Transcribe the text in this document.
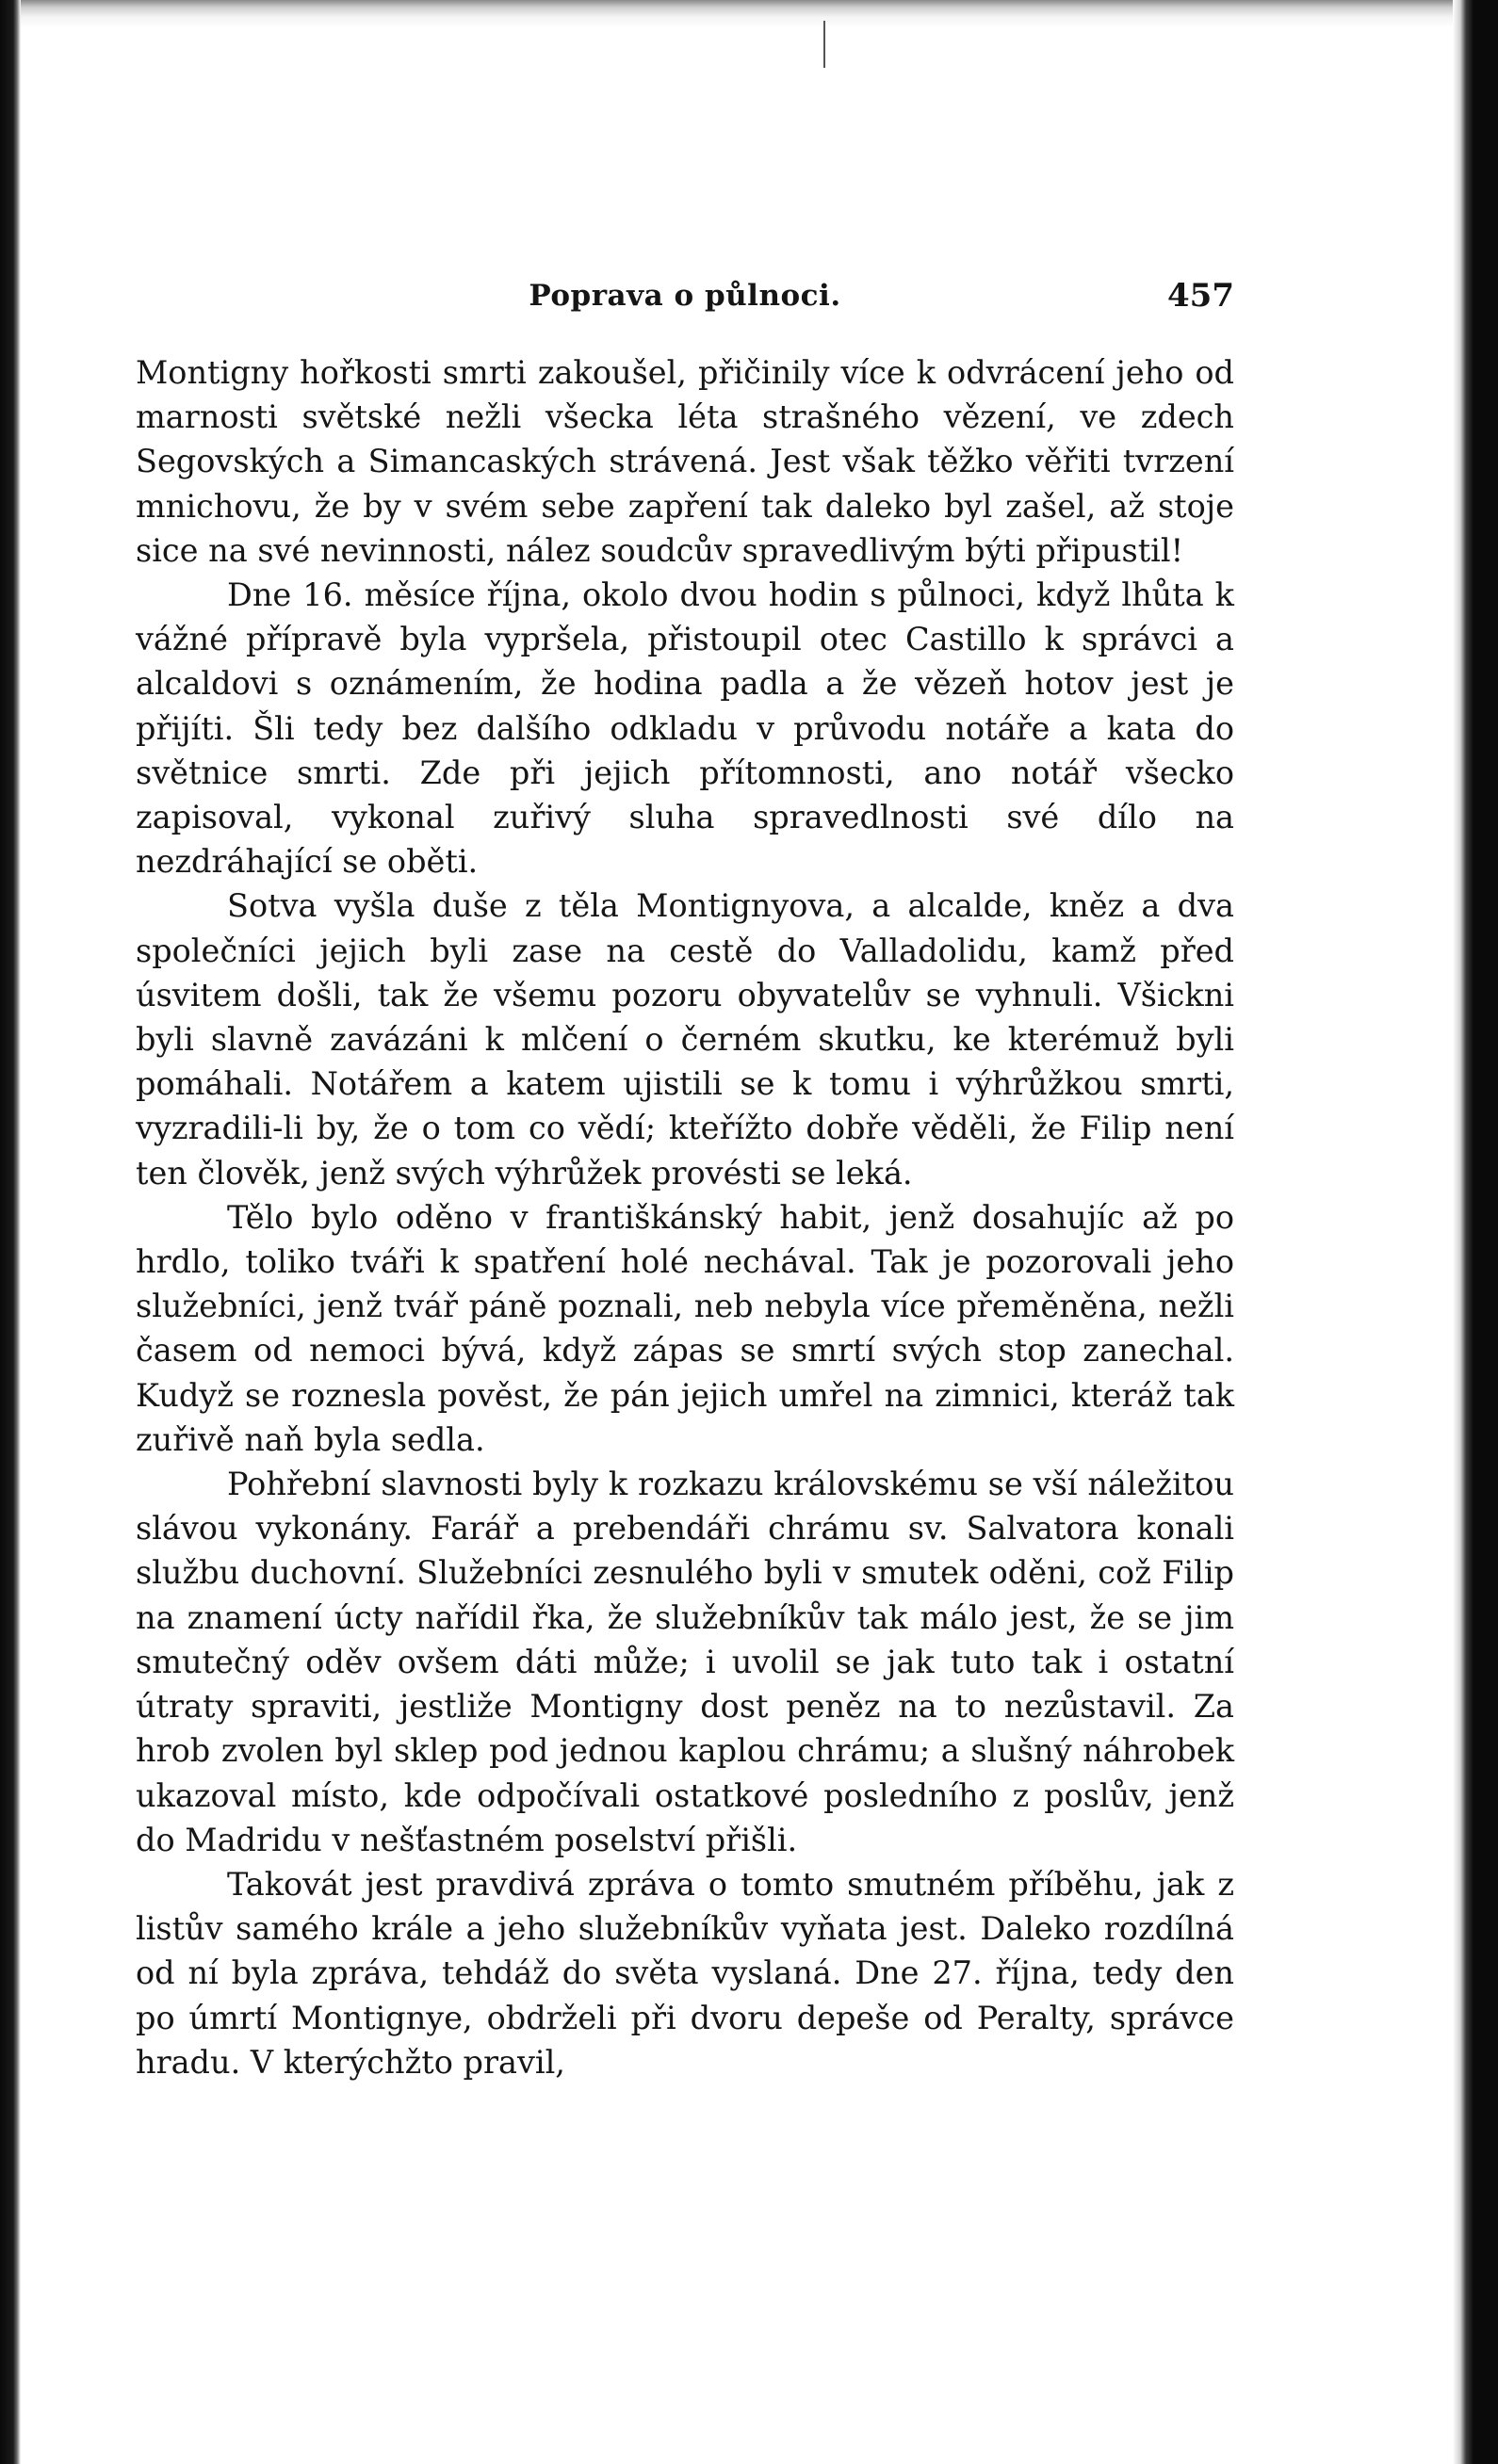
Poprava o půlnoci.	457

Montigny hořkosti smrti zakoušel, přičinily více k odvrácení jeho od marnosti světské nežli všecka léta strašného vězení, ve zdech Segovských a Simancaských strávená. Jest však těžko věřiti tvrzení mnichovu, že by v svém sebe zapření tak daleko byl zašel, až stoje sice na své nevinnosti, nález soudcův spravedlivým býti připustil!

Dne 16. měsíce října, okolo dvou hodin s půlnoci, když lhůta k vážné přípravě byla vypršela, přistoupil otec Castillo k správci a alcaldovi s oznámením, že hodina padla a že vězeň hotov jest je přijíti. Šli tedy bez dalšího odkladu v průvodu notáře a kata do světnice smrti. Zde při jejich přítomnosti, ano notář všecko zapisoval, vykonal zuřivý sluha spravedlnosti své dílo na nezdráhající se oběti.

Sotva vyšla duše z těla Montignyova, a alcalde, kněz a dva společníci jejich byli zase na cestě do Valladolidu, kamž před úsvitem došli, tak že všemu pozoru obyvatelův se vyhnuli. Všickni byli slavně zavázáni k mlčení o černém skutku, ke kterémuž byli pomáhali. Notářem a katem ujistili se k tomu i výhrůžkou smrti, vyzradili-li by, že o tom co vědí; kteřížto dobře věděli, že Filip není ten člověk, jenž svých výhrůžek provésti se leká.

Tělo bylo oděno v františkánský habit, jenž dosahujíc až po hrdlo, toliko tváři k spatření holé nechával. Tak je pozorovali jeho služebníci, jenž tvář páně poznali, neb nebyla více přeměněna, nežli časem od nemoci bývá, když zápas se smrtí svých stop zanechal. Kudyž se roznesla pověst, že pán jejich umřel na zimnici, kteráž tak zuřivě naň byla sedla.

Pohřební slavnosti byly k rozkazu královskému se vší náležitou slávou vykonány. Farář a prebendáři chrámu sv. Salvatora konali službu duchovní. Služebníci zesnulého byli v smutek oděni, což Filip na znamení úcty nařídil řka, že služebníkův tak málo jest, že se jim smutečný oděv ovšem dáti může; i uvolil se jak tuto tak i ostatní útraty spraviti, jestliže Montigny dost peněz na to nezůstavil. Za hrob zvolen byl sklep pod jednou kaplou chrámu; a slušný náhrobek ukazoval místo, kde odpočívali ostatkové posledního z poslův, jenž do Madridu v nešťastném poselství přišli.

Takovát jest pravdivá zpráva o tomto smutném příběhu, jak z listův samého krále a jeho služebníkův vyňata jest. Daleko rozdílná od ní byla zpráva, tehdáž do světa vyslaná. Dne 27. října, tedy den po úmrtí Montignye, obdrželi při dvoru depeše od Peralty, správce hradu. V kterýchžto pravil,
